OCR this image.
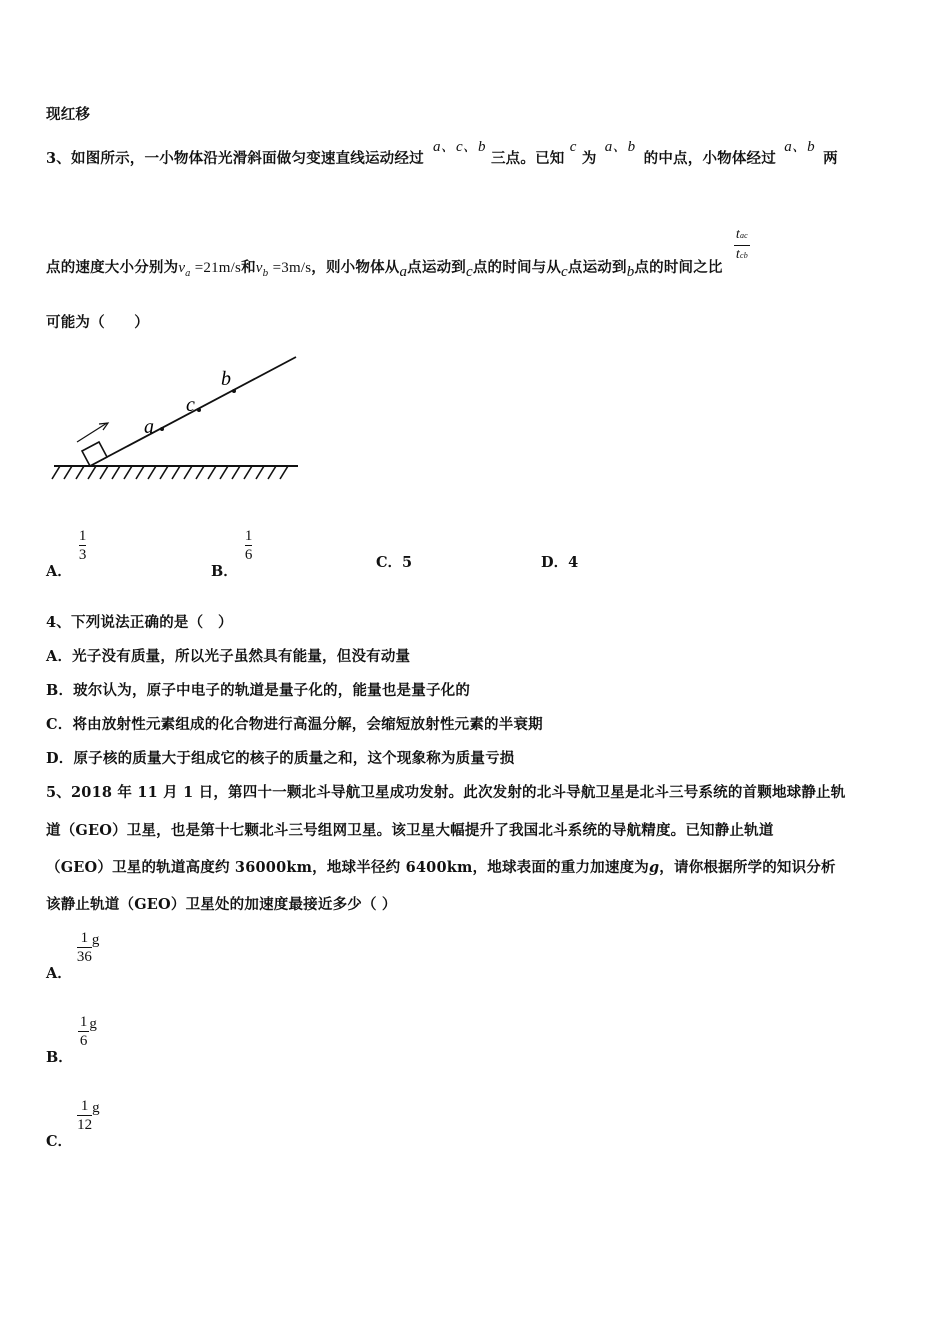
现红移
3、如图所示，一小物体沿光滑斜面做匀变速直线运动经过 a、c、b 三点。已知 c 为 a、b 的中点，小物体经过 a、b 两
点的速度大小分别为$v_a =21m/s$和$v_b =3m/s$，则小物体从a点运动到c点的时间与从c点运动到b点的时间之比
$\frac{\text{tac}}{\text{tcb}}$
可能为（　　）
a
c
b
A．
$\frac{1}{3}$
B．
$\frac{1}{6}$	C．5	D．4
4、下列说法正确的是（　）
A．光子没有质量，所以光子虽然具有能量，但没有动量
B．玻尔认为，原子中电子的轨道是量子化的，能量也是量子化的
C．将由放射性元素组成的化合物进行高温分解，会缩短放射性元素的半衰期
D．原子核的质量大于组成它的核子的质量之和，这个现象称为质量亏损
5、2018 年 11 月 1 日，第四十一颗北斗导航卫星成功发射。此次发射的北斗导航卫星是北斗三号系统的首颗地球静止轨
道（GEO）卫星，也是第十七颗北斗三号组网卫星。该卫星大幅提升了我国北斗系统的导航精度。已知静止轨道
（GEO）卫星的轨道高度约 36000km，地球半径约 6400km，地球表面的重力加速度为g，请你根据所学的知识分析
该静止轨道（GEO）卫星处的加速度最接近多少（ ）
A．
$\frac{1}{36}$ g
B．
$\frac{1}{6}$ g
C．
$\frac{1}{12}$ g
